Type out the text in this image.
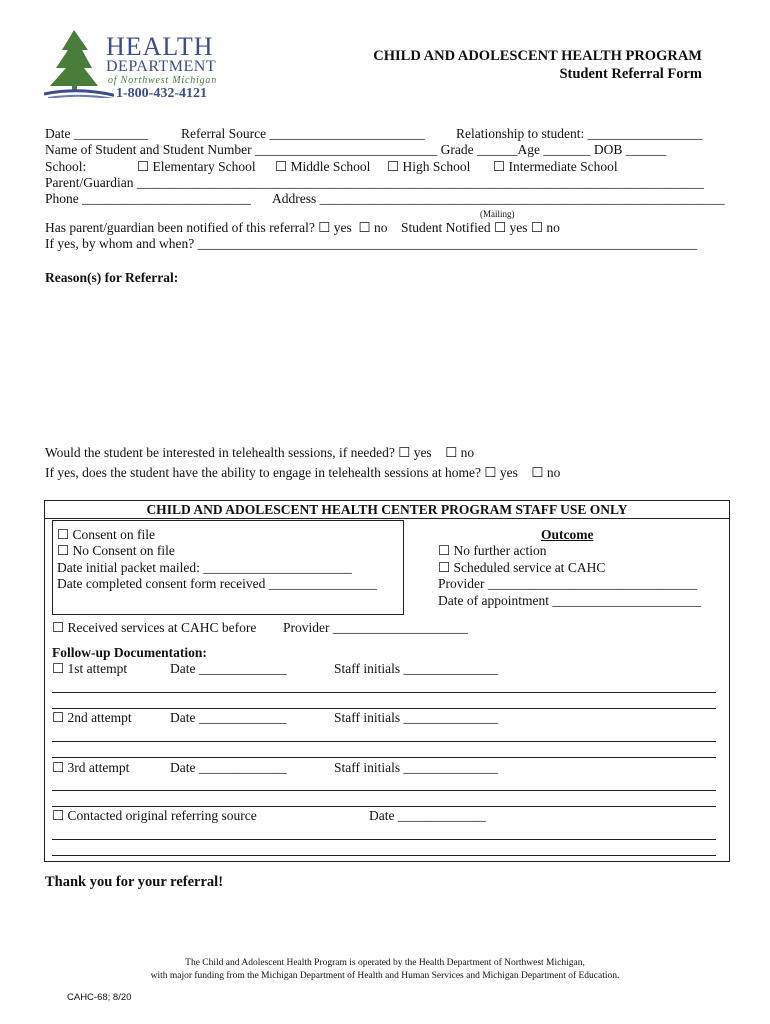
HEALTH
DEPARTMENT
of Northwest Michigan
1-800-432-4121
CHILD AND ADOLESCENT HEALTH PROGRAM
Student Referral Form
Date ___________ Referral Source _______________________ Relationship to student: _________________
Name of Student and Student Number ___________________________ Grade ______Age _______ DOB ______
School:	☐ Elementary School ☐ Middle School ☐ High School ☐ Intermediate School
Parent/Guardian ____________________________________________________________________________________
Phone _________________________ Address ____________________________________________________________
(Mailing)
Has parent/guardian been notified of this referral? ☐ yes ☐ no Student Notified ☐ yes ☐ no
If yes, by whom and when? __________________________________________________________________________
Reason(s) for Referral:
Would the student be interested in telehealth sessions, if needed? ☐ yes ☐ no
If yes, does the student have the ability to engage in telehealth sessions at home? ☐ yes ☐ no
CHILD AND ADOLESCENT HEALTH CENTER PROGRAM STAFF USE ONLY
☐ Consent on file
☐ No Consent on file
Date initial packet mailed: ______________________
Date completed consent form received ________________
Outcome
☐ No further action
☐ Scheduled service at CAHC
Provider _______________________________
Date of appointment ______________________
☐ Received services at CAHC before Provider ____________________
Follow-up Documentation:
☐ 1st attempt	Date _____________	Staff initials ______________
☐ 2nd attempt	Date _____________	Staff initials ______________
☐ 3rd attempt	Date _____________	Staff initials ______________
☐ Contacted original referring source	Date _____________
Thank you for your referral!
The Child and Adolescent Health Program is operated by the Health Department of Northwest Michigan,
with major funding from the Michigan Department of Health and Human Services and Michigan Department of Education.
CAHC-68; 8/20
